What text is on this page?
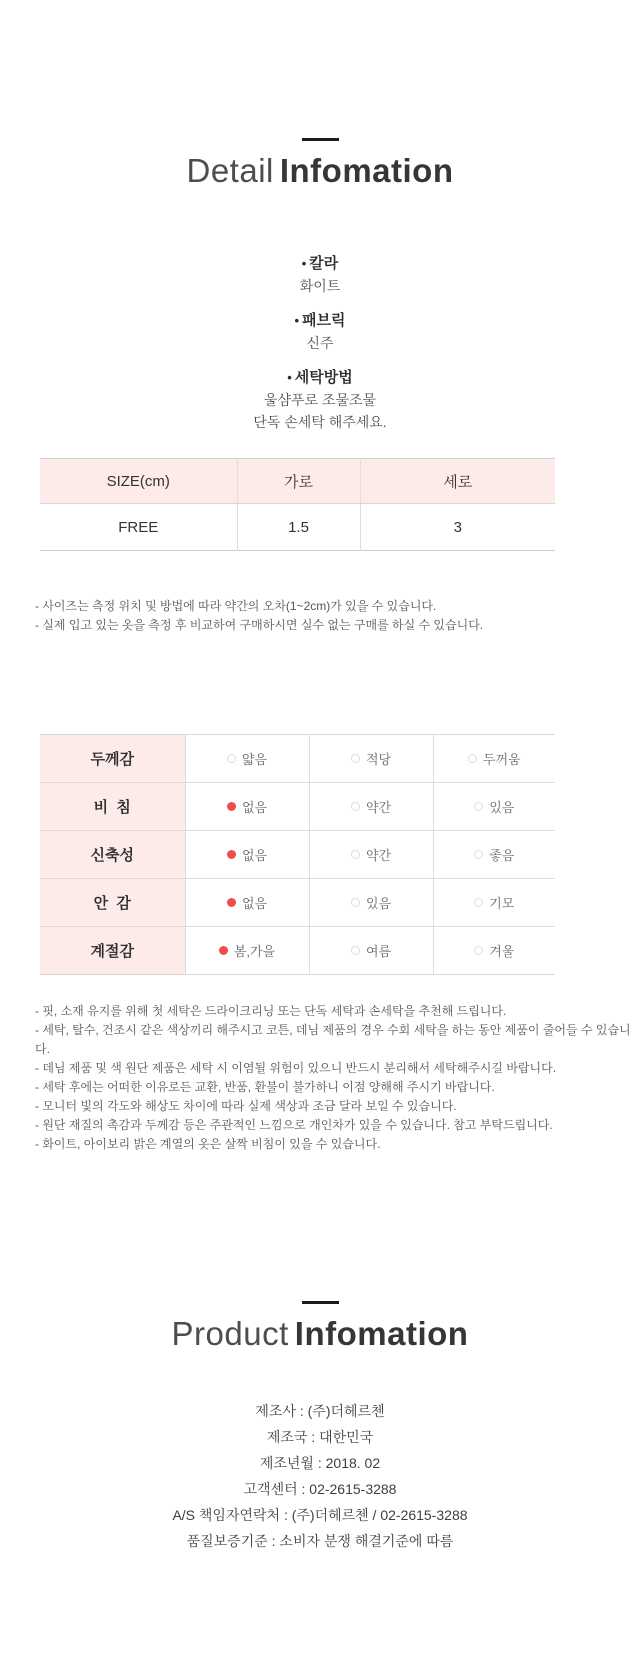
Detail Infomation
• 칼라
화이트
• 패브릭
신주
• 세탁방법
울샴푸로 조물조물
단독 손세탁 해주세요.
SIZE(cm)	가로	세로
FREE	1.5	3
- 사이즈는 측정 위치 및 방법에 따라 약간의 오차(1~2cm)가 있을 수 있습니다.
- 실제 입고 있는 옷을 측정 후 비교하여 구매하시면 실수 없는 구매를 하실 수 있습니다.
두께감	얇음	적당	두꺼움

비  침	없음	약간	있음

신축성	없음	약간	좋음

안  감	없음	있음	기모

계절감	봄,가을	여름	겨울
- 핏, 소재 유지를 위해 첫 세탁은 드라이크리닝 또는 단독 세탁과 손세탁을 추천해 드립니다.
- 세탁, 탈수, 건조시 같은 색상끼리 해주시고 코튼, 데님 제품의 경우 수회 세탁을 하는 동안 제품이 줄어들 수 있습니다.
- 데님 제품 및 색 원단 제품은 세탁 시 이염될 위험이 있으니 반드시 분리해서 세탁해주시길 바랍니다.
- 세탁 후에는 어떠한 이유로든 교환, 반품, 환불이 불가하니 이점 양해해 주시기 바랍니다.
- 모니터 빛의 각도와 해상도 차이에 따라 실제 색상과 조금 달라 보일 수 있습니다.
- 원단 재질의 촉감과 두께감 등은 주관적인 느낌으로 개인차가 있을 수 있습니다. 참고 부탁드립니다.
- 화이트, 아이보리 밝은 계열의 옷은 살짝 비침이 있을 수 있습니다.
Product Infomation
제조사 : (주)더헤르첸
제조국 : 대한민국
제조년월 : 2018. 02
고객센터 : 02-2615-3288
A/S 책임자연락처 : (주)더헤르첸 / 02-2615-3288
품질보증기준 : 소비자 분쟁 해결기준에 따름
